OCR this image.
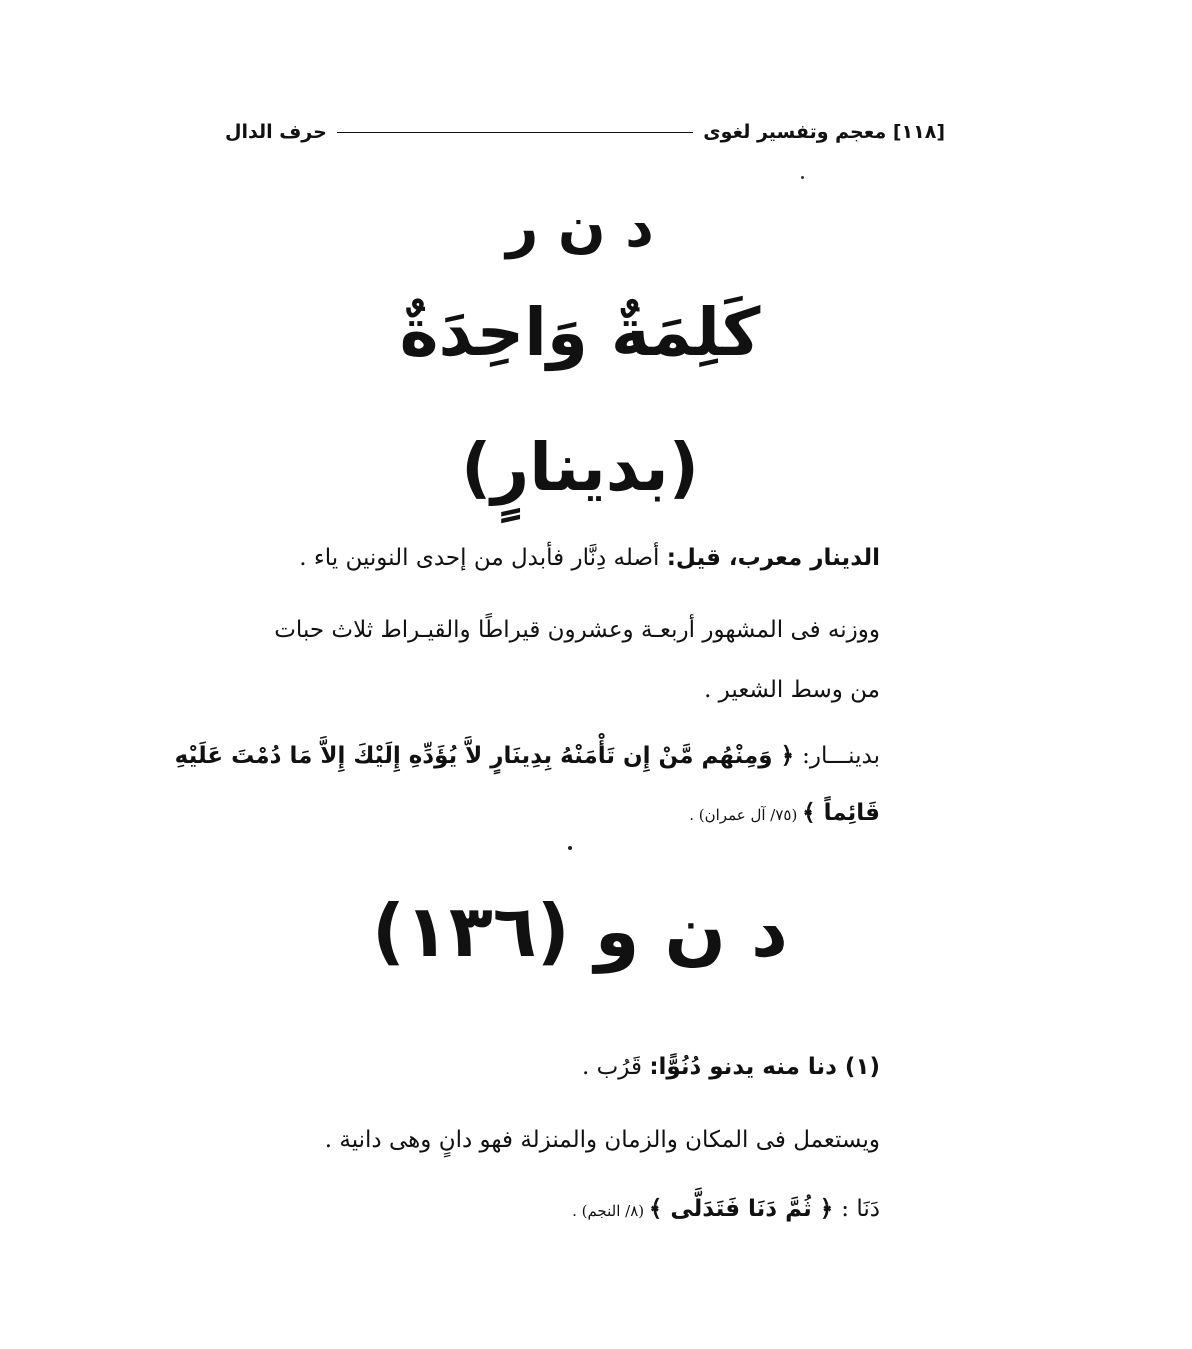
[١١٨] معجم وتفسير لغوى
حرف الدال
د ن ر
كَلِمَةٌ وَاحِدَةٌ
(بدينارٍ)
الدينار معرب، قيل: أصله دِنَّار فأبدل من إحدى النونين ياء .
ووزنه فى المشهور أربعـة وعشرون قيراطًا والقيـراط ثلاث حبات
من وسط الشعير .
بدينـــار: ﴿ وَمِنْهُم مَّنْ إِن تَأْمَنْهُ بِدِينَارٍ لاَّ يُؤَدِّهِ إِلَيْكَ إِلاَّ مَا دُمْتَ عَلَيْهِ
قَائِماً ﴾ (٧٥/ آل عمران) .
د ن و (١٣٦)
(١) دنا منه يدنو دُنُوًّا: قَرُب .
ويستعمل فى المكان والزمان والمنزلة فهو دانٍ وهى دانية .
دَنَا : ﴿ ثُمَّ دَنَا فَتَدَلَّى ﴾ (٨/ النجم) .
